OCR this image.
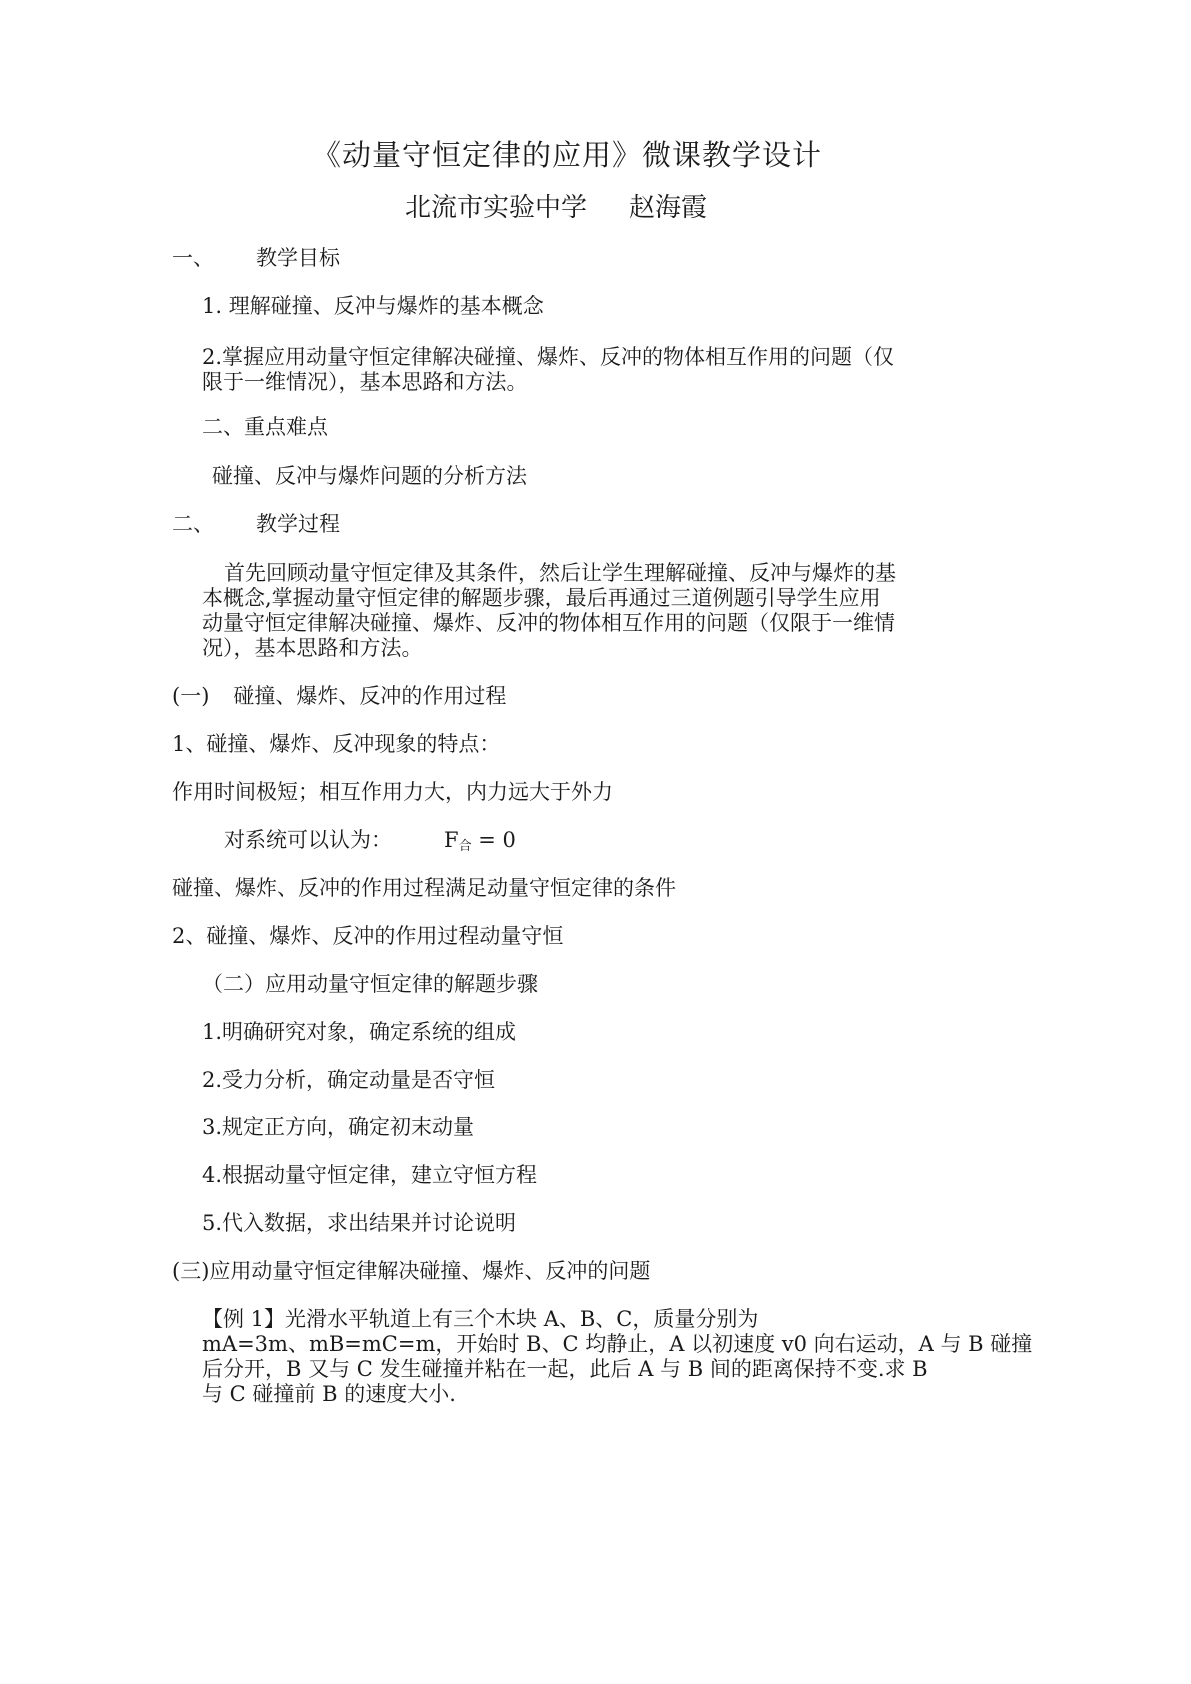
《动量守恒定律的应用》微课教学设计
北流市实验中学 赵海霞
一、 教学目标
1. 理解碰撞、反冲与爆炸的基本概念
2.掌握应用动量守恒定律解决碰撞、爆炸、反冲的物体相互作用的问题（仅
限于一维情况），基本思路和方法。
二、重点难点
碰撞、反冲与爆炸问题的分析方法
二、 教学过程
首先回顾动量守恒定律及其条件，然后让学生理解碰撞、反冲与爆炸的基
本概念,掌握动量守恒定律的解题步骤，最后再通过三道例题引导学生应用
动量守恒定律解决碰撞、爆炸、反冲的物体相互作用的问题（仅限于一维情
况），基本思路和方法。
(一) 碰撞、爆炸、反冲的作用过程
1、碰撞、爆炸、反冲现象的特点：
作用时间极短；相互作用力大，内力远大于外力
对系统可以认为： $F_合 = 0$
碰撞、爆炸、反冲的作用过程满足动量守恒定律的条件
2、碰撞、爆炸、反冲的作用过程动量守恒
（二）应用动量守恒定律的解题步骤
1.明确研究对象，确定系统的组成
2.受力分析，确定动量是否守恒
3.规定正方向，确定初末动量
4.根据动量守恒定律，建立守恒方程
5.代入数据，求出结果并讨论说明
(三)应用动量守恒定律解决碰撞、爆炸、反冲的问题
【例 1】光滑水平轨道上有三个木块 A、B、C，质量分别为
mA=3m、mB=mC=m，开始时 B、C 均静止，A 以初速度 v0 向右运动，A 与 B 碰撞
后分开，B 又与 C 发生碰撞并粘在一起，此后 A 与 B 间的距离保持不变.求 B
与 C 碰撞前 B 的速度大小.
